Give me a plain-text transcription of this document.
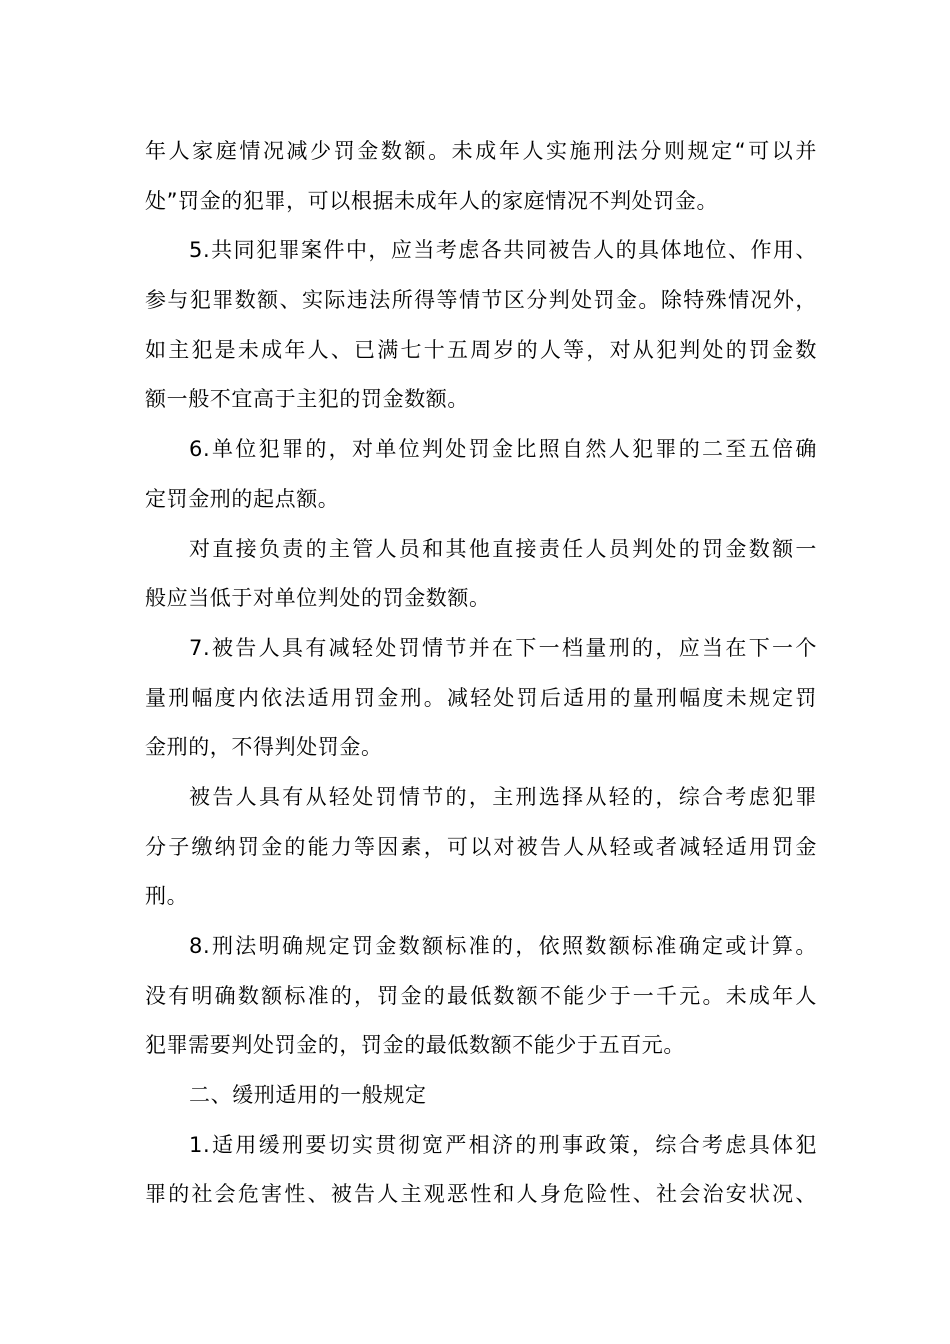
年人家庭情况减少罚金数额。未成年人实施刑法分则规定“可以并
处”罚金的犯罪，可以根据未成年人的家庭情况不判处罚金。
5.共同犯罪案件中，应当考虑各共同被告人的具体地位、作用、
参与犯罪数额、实际违法所得等情节区分判处罚金。除特殊情况外，
如主犯是未成年人、已满七十五周岁的人等，对从犯判处的罚金数
额一般不宜高于主犯的罚金数额。
6.单位犯罪的，对单位判处罚金比照自然人犯罪的二至五倍确
定罚金刑的起点额。
对直接负责的主管人员和其他直接责任人员判处的罚金数额一
般应当低于对单位判处的罚金数额。
7.被告人具有减轻处罚情节并在下一档量刑的，应当在下一个
量刑幅度内依法适用罚金刑。减轻处罚后适用的量刑幅度未规定罚
金刑的，不得判处罚金。
被告人具有从轻处罚情节的，主刑选择从轻的，综合考虑犯罪
分子缴纳罚金的能力等因素，可以对被告人从轻或者减轻适用罚金
刑。
8.刑法明确规定罚金数额标准的，依照数额标准确定或计算。
没有明确数额标准的，罚金的最低数额不能少于一千元。未成年人
犯罪需要判处罚金的，罚金的最低数额不能少于五百元。
二、缓刑适用的一般规定
1.适用缓刑要切实贯彻宽严相济的刑事政策，综合考虑具体犯
罪的社会危害性、被告人主观恶性和人身危险性、社会治安状况、
